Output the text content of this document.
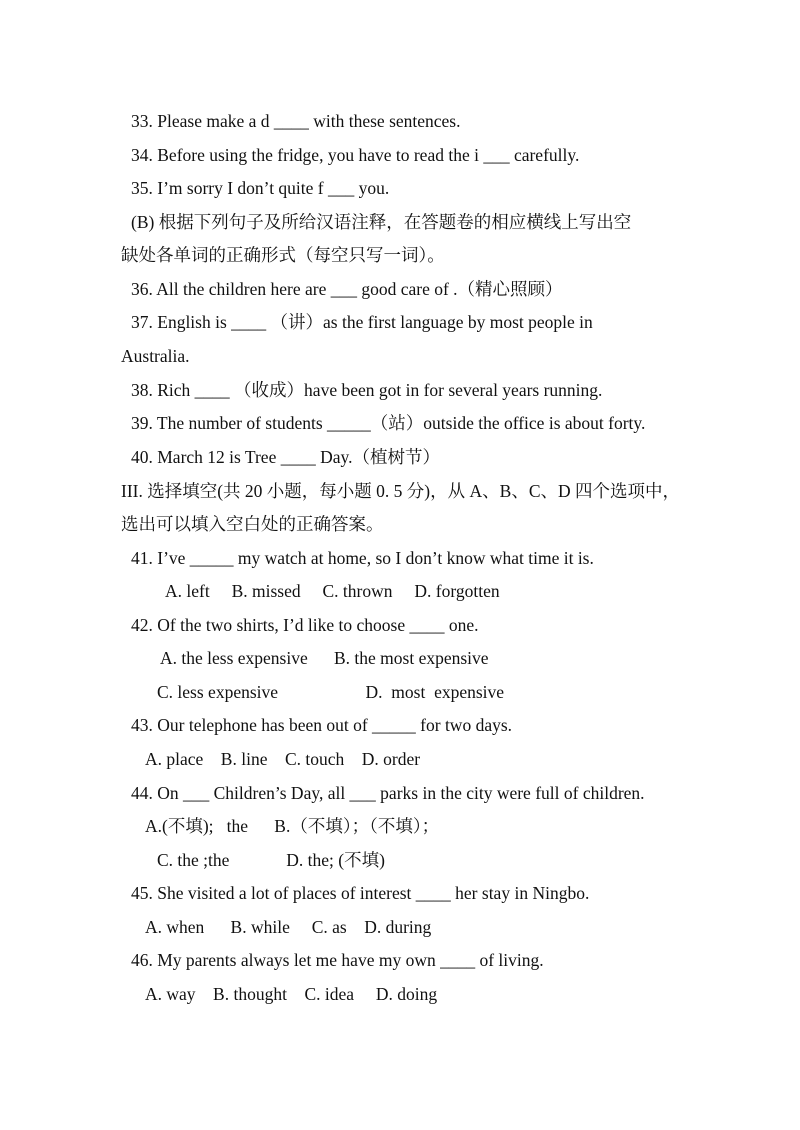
33. Please make a d ____ with these sentences.
34. Before using the fridge, you have to read the i ___ carefully.
35. I’m sorry I don’t quite f ___ you.
(B) 根据下列句子及所给汉语注释，在答题卷的相应横线上写出空
缺处各单词的正确形式（每空只写一词）。
36. All the children here are ___ good care of .（精心照顾）
37. English is ____ （讲）as the first language by most people in
Australia.
38. Rich ____ （收成）have been got in for several years running.
39. The number of students _____（站）outside the office is about forty.
40. March 12 is Tree ____ Day.（植树节）
III. 选择填空(共 20 小题，每小题 0. 5 分)，从 A、B、C、D 四个选项中，
选出可以填入空白处的正确答案。
41. I’ve _____ my watch at home, so I don’t know what time it is.
A. left     B. missed     C. thrown     D. forgotten
42. Of the two shirts, I’d like to choose ____ one.
A. the less expensive      B. the most expensive
C. less expensive                    D.  most  expensive
43. Our telephone has been out of _____ for two days.
A. place    B. line    C. touch    D. order
44. On ___ Children’s Day, all ___ parks in the city were full of children.
A.(不填);   the      B.（不填）；（不填）；
C. the ;the             D. the; (不填)
45. She visited a lot of places of interest ____ her stay in Ningbo.
A. when      B. while     C. as    D. during
46. My parents always let me have my own ____ of living.
A. way    B. thought    C. idea     D. doing
